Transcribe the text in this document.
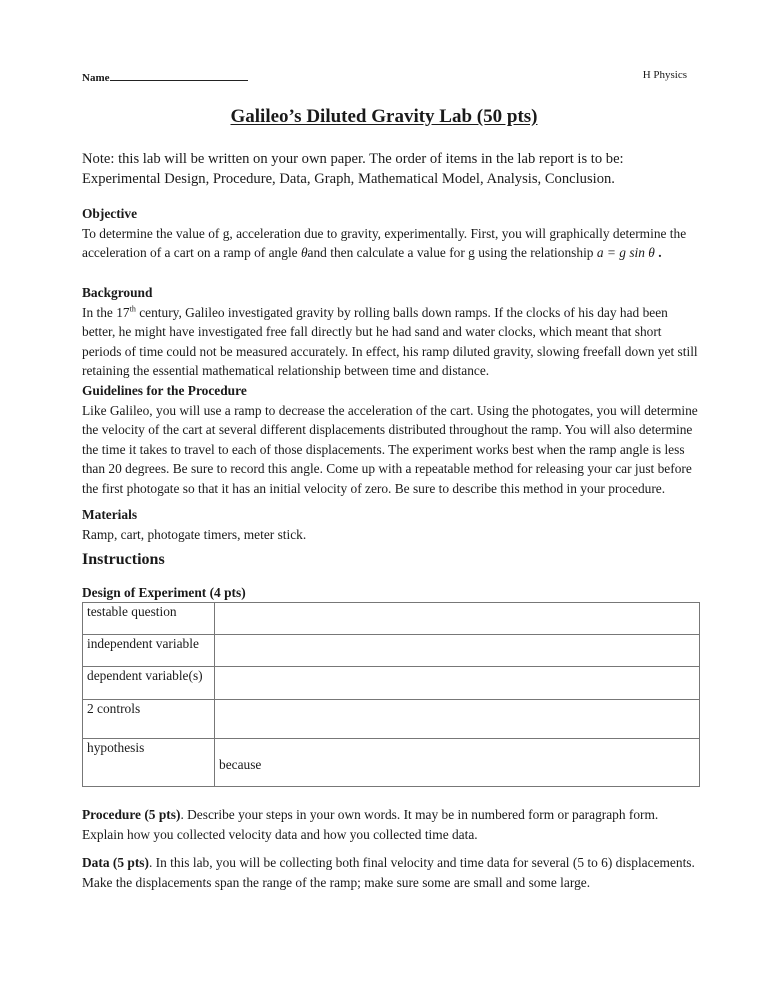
Name	H Physics
Galileo’s Diluted Gravity Lab (50 pts)
Note: this lab will be written on your own paper. The order of items in the lab report is to be: Experimental Design, Procedure, Data, Graph, Mathematical Model, Analysis, Conclusion.
Objective
To determine the value of g, acceleration due to gravity, experimentally. First, you will graphically determine the acceleration of a cart on a ramp of angle θand then calculate a value for g using the relationship a = g sin θ .
Background
In the 17th century, Galileo investigated gravity by rolling balls down ramps. If the clocks of his day had been better, he might have investigated free fall directly but he had sand and water clocks, which meant that short periods of time could not be measured accurately. In effect, his ramp diluted gravity, slowing freefall down yet still retaining the essential mathematical relationship between time and distance.
Guidelines for the Procedure
Like Galileo, you will use a ramp to decrease the acceleration of the cart. Using the photogates, you will determine the velocity of the cart at several different displacements distributed throughout the ramp. You will also determine the time it takes to travel to each of those displacements. The experiment works best when the ramp angle is less than 20 degrees. Be sure to record this angle. Come up with a repeatable method for releasing your car just before the first photogate so that it has an initial velocity of zero. Be sure to describe this method in your procedure.
Materials
Ramp, cart, photogate timers, meter stick.
Instructions
Design of Experiment (4 pts)
testable question	
independent variable	
dependent variable(s)	
2 controls	
hypothesis	because
Procedure (5 pts). Describe your steps in your own words. It may be in numbered form or paragraph form. Explain how you collected velocity data and how you collected time data.
Data (5 pts). In this lab, you will be collecting both final velocity and time data for several (5 to 6) displacements. Make the displacements span the range of the ramp; make sure some are small and some large.
